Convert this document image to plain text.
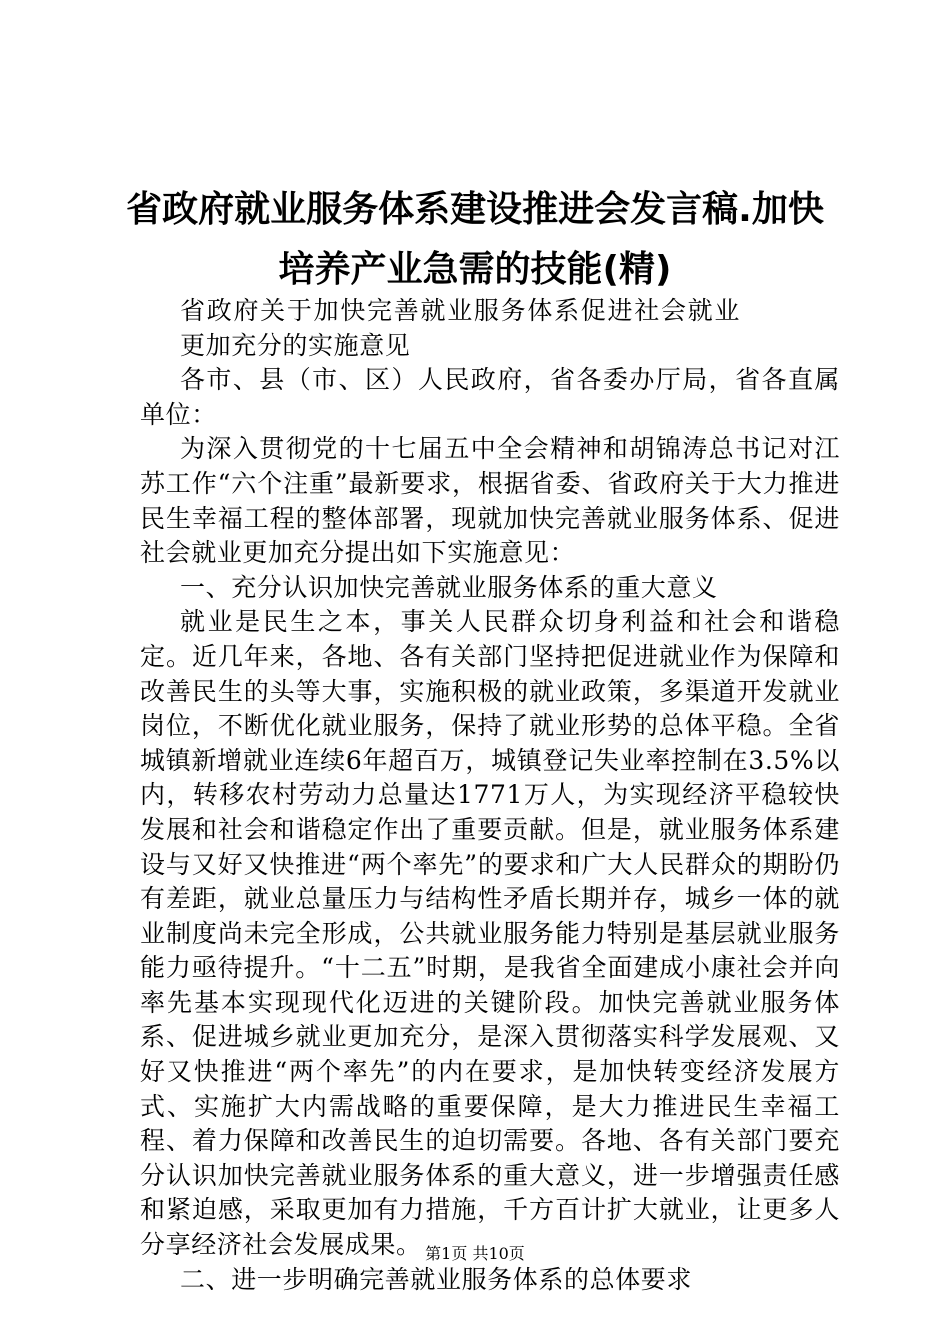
省政府就业服务体系建设推进会发言稿.加快培养产业急需的技能(精)

省政府关于加快完善就业服务体系促进社会就业更加充分的实施意见

各市、县（市、区）人民政府，省各委办厅局，省各直属单位：

为深入贯彻党的十七届五中全会精神和胡锦涛总书记对江苏工作“六个注重”最新要求，根据省委、省政府关于大力推进民生幸福工程的整体部署，现就加快完善就业服务体系、促进社会就业更加充分提出如下实施意见：

一、充分认识加快完善就业服务体系的重大意义

就业是民生之本，事关人民群众切身利益和社会和谐稳定。近几年来，各地、各有关部门坚持把促进就业作为保障和改善民生的头等大事，实施积极的就业政策，多渠道开发就业岗位，不断优化就业服务，保持了就业形势的总体平稳。全省城镇新增就业连续6年超百万，城镇登记失业率控制在3.5%以内，转移农村劳动力总量达1771万人，为实现经济平稳较快发展和社会和谐稳定作出了重要贡献。但是，就业服务体系建设与又好又快推进“两个率先”的要求和广大人民群众的期盼仍有差距，就业总量压力与结构性矛盾长期并存，城乡一体的就业制度尚未完全形成，公共就业服务能力特别是基层就业服务能力亟待提升。“十二五”时期，是我省全面建成小康社会并向率先基本实现现代化迈进的关键阶段。加快完善就业服务体系、促进城乡就业更加充分，是深入贯彻落实科学发展观、又好又快推进“两个率先”的内在要求，是加快转变经济发展方式、实施扩大内需战略的重要保障，是大力推进民生幸福工程、着力保障和改善民生的迫切需要。各地、各有关部门要充分认识加快完善就业服务体系的重大意义，进一步增强责任感和紧迫感，采取更加有力措施，千方百计扩大就业，让更多人分享经济社会发展成果。

二、进一步明确完善就业服务体系的总体要求

第1页 共10页
